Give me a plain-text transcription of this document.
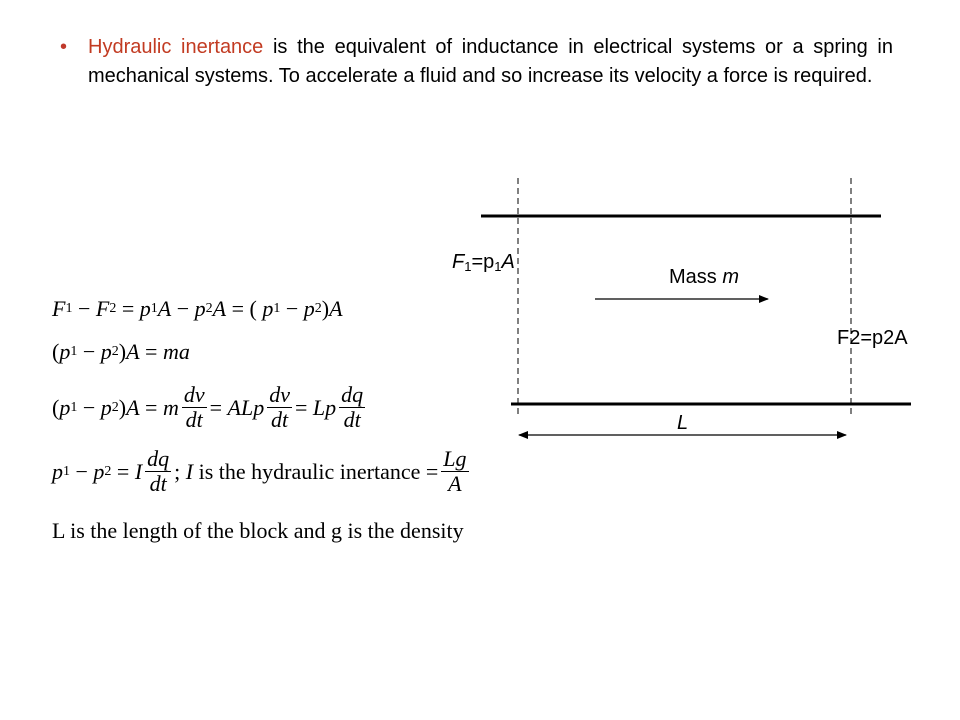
• Hydraulic inertance is the equivalent of inductance in electrical systems or a spring in mechanical systems. To accelerate a fluid and so increase its velocity a force is required.

$F_1=p_1A$
Mass m
F2=p2A
L
F 1 − F 2 = p 1 A − p 2 A = ( p 1 − p 2 ) A
( p 1 − p 2 ) A = ma
( p 1 − p 2 ) A = m $\frac{dv}{dt}$ = ALp $\frac{dv}{dt} = Lp \frac{dq}{dt}$
p 1 − p 2 = I $\frac{dq}{dt}$ ; I is the hydraulic inertance = $\frac{Lg}{A}$
L is the length of the block and g is the density
